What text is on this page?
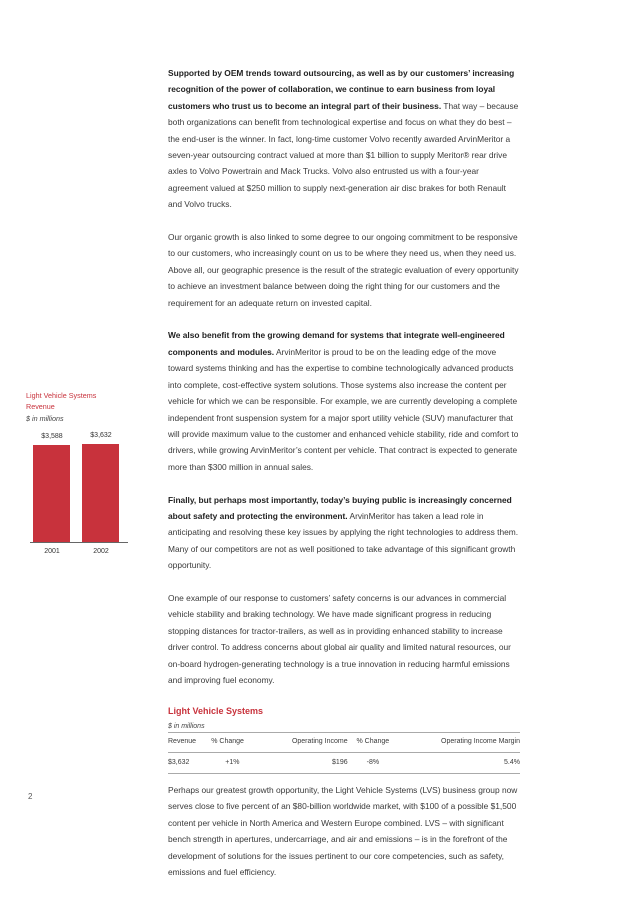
Supported by OEM trends toward outsourcing, as well as by our customers’ increasing recognition of the power of collaboration, we continue to earn business from loyal customers who trust us to become an integral part of their business. That way – because both organizations can benefit from technological expertise and focus on what they do best – the end-user is the winner. In fact, long-time customer Volvo recently awarded ArvinMeritor a seven-year outsourcing contract valued at more than $1 billion to supply Meritor® rear drive axles to Volvo Powertrain and Mack Trucks. Volvo also entrusted us with a four-year agreement valued at $250 million to supply next-generation air disc brakes for both Renault and Volvo trucks.

Our organic growth is also linked to some degree to our ongoing commitment to be responsive to our customers, who increasingly count on us to be where they need us, when they need us. Above all, our geographic presence is the result of the strategic evaluation of every opportunity to achieve an investment balance between doing the right thing for our customers and the requirement for an adequate return on invested capital.

We also benefit from the growing demand for systems that integrate well-engineered components and modules. ArvinMeritor is proud to be on the leading edge of the move toward systems thinking and has the expertise to combine technologically advanced products into complete, cost-effective system solutions. Those systems also increase the content per vehicle for which we can be responsible. For example, we are currently developing a complete independent front suspension system for a major sport utility vehicle (SUV) manufacturer that will provide maximum value to the customer and enhanced vehicle stability, ride and comfort to drivers, while growing ArvinMeritor’s content per vehicle. That contract is expected to generate more than $300 million in annual sales.

Finally, but perhaps most importantly, today’s buying public is increasingly concerned about safety and protecting the environment. ArvinMeritor has taken a lead role in anticipating and resolving these key issues by applying the right technologies to address them. Many of our competitors are not as well positioned to take advantage of this significant growth opportunity.

One example of our response to customers’ safety concerns is our advances in commercial vehicle stability and braking technology. We have made significant progress in reducing stopping distances for tractor-trailers, as well as in providing enhanced stability to increase driver control. To address concerns about global air quality and limited natural resources, our on-board hydrogen-generating technology is a true innovation in reducing harmful emissions and improving fuel economy.

Light Vehicle Systems
$ in millions
Revenue	% Change	Operating Income	% Change	Operating Income Margin
$3,632	+1%	$196	-8%	5.4%

Perhaps our greatest growth opportunity, the Light Vehicle Systems (LVS) business group now serves close to five percent of an $80-billion worldwide market, with $100 of a possible $1,500 content per vehicle in North America and Western Europe combined. LVS – with significant bench strength in apertures, undercarriage, and air and emissions – is in the forefront of the development of solutions for the issues pertinent to our core competencies, such as safety, emissions and fuel efficiency.

Light Vehicle Systems
Revenue
$ in millions
$3,588	$3,632
2001	2002
2
